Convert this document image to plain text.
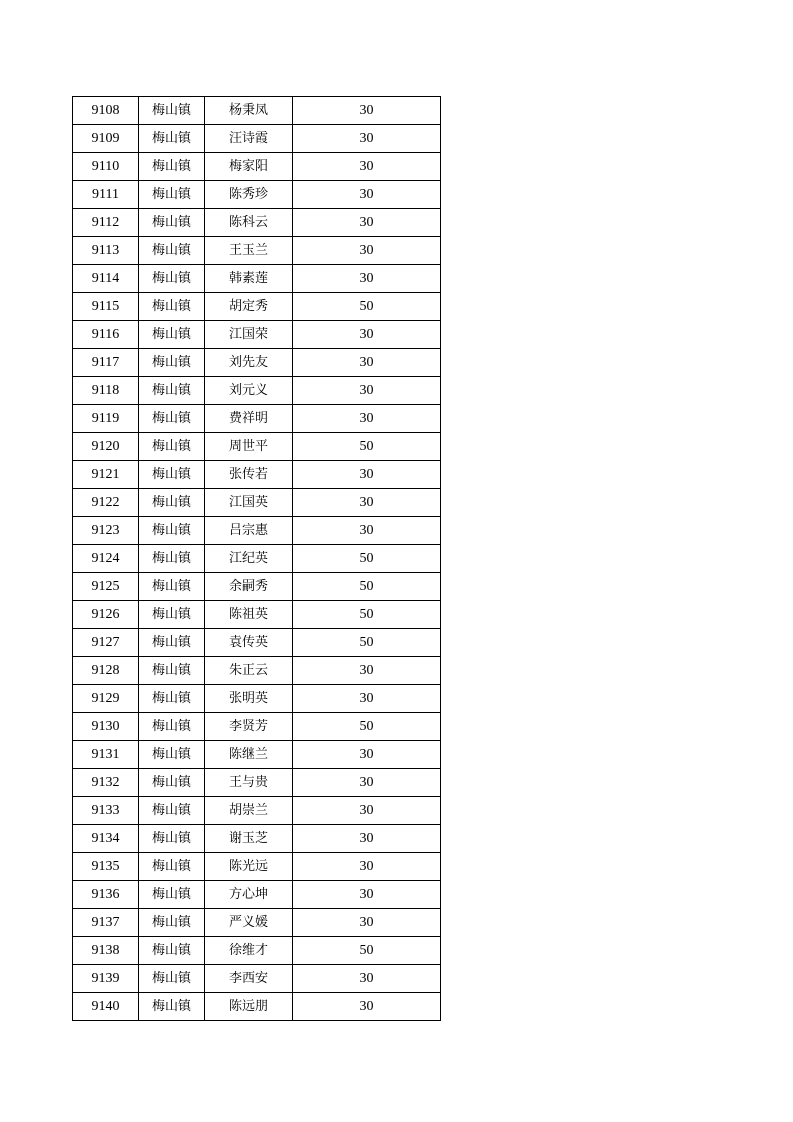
9108	梅山镇	杨秉凤	30
9109	梅山镇	汪诗霞	30
9110	梅山镇	梅家阳	30
9111	梅山镇	陈秀珍	30
9112	梅山镇	陈科云	30
9113	梅山镇	王玉兰	30
9114	梅山镇	韩素莲	30
9115	梅山镇	胡定秀	50
9116	梅山镇	江国荣	30
9117	梅山镇	刘先友	30
9118	梅山镇	刘元义	30
9119	梅山镇	费祥明	30
9120	梅山镇	周世平	50
9121	梅山镇	张传若	30
9122	梅山镇	江国英	30
9123	梅山镇	吕宗惠	30
9124	梅山镇	江纪英	50
9125	梅山镇	余嗣秀	50
9126	梅山镇	陈祖英	50
9127	梅山镇	袁传英	50
9128	梅山镇	朱正云	30
9129	梅山镇	张明英	30
9130	梅山镇	李贤芳	50
9131	梅山镇	陈继兰	30
9132	梅山镇	王与贵	30
9133	梅山镇	胡崇兰	30
9134	梅山镇	谢玉芝	30
9135	梅山镇	陈光远	30
9136	梅山镇	方心坤	30
9137	梅山镇	严义媛	30
9138	梅山镇	徐维才	50
9139	梅山镇	李西安	30
9140	梅山镇	陈远朋	30
